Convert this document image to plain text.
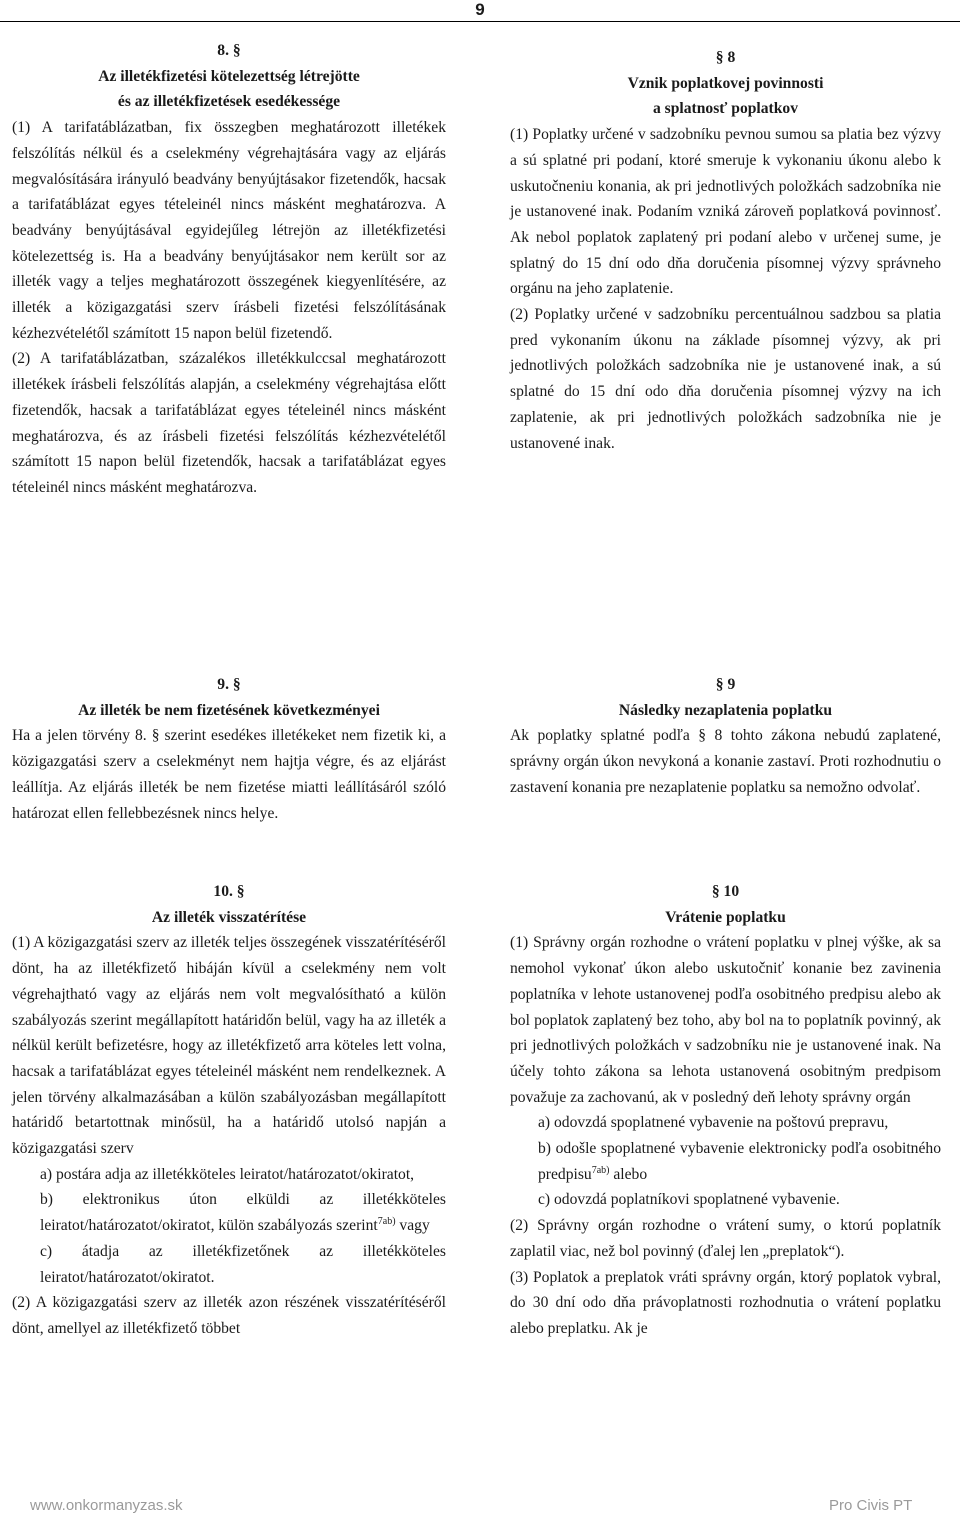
9
8. §
Az illetékfizetési kötelezettség létrejötte
és az illetékfizetések esedékessége

(1) A tarifatáblázatban, fix összegben meghatározott illetékek felszólítás nélkül és a cselekmény végrehajtására vagy az eljárás megvalósítására irányuló beadvány benyújtásakor fizetendők, hacsak a tarifatáblázat egyes tételeinél nincs másként meghatározva. A beadvány benyújtásával egyidejűleg létrejön az illetékfizetési kötelezettség is. Ha a beadvány benyújtásakor nem került sor az illeték vagy a teljes meghatározott összegének kiegyenlítésére, az illeték a közigazgatási szerv írásbeli fizetési felszólításának kézhezvételétől számított 15 napon belül fizetendő.

(2) A tarifatáblázatban, százalékos illetékkulccsal meghatározott illetékek írásbeli felszólítás alapján, a cselekmény végrehajtása előtt fizetendők, hacsak a tarifatáblázat egyes tételeinél nincs másként meghatározva, és az írásbeli fizetési felszólítás kézhezvételétől számított 15 napon belül fizetendők, hacsak a tarifatáblázat egyes tételeinél nincs másként meghatározva.

9. §
Az illeték be nem fizetésének következményei

Ha a jelen törvény 8. § szerint esedékes illetékeket nem fizetik ki, a közigazgatási szerv a cselekményt nem hajtja végre, és az eljárást leállítja. Az eljárás illeték be nem fizetése miatti leállításáról szóló határozat ellen fellebbezésnek nincs helye.

10. §
Az illeték visszatérítése

(1) A közigazgatási szerv az illeték teljes összegének visszatérítéséről dönt, ha az illetékfizető hibáján kívül a cselekmény nem volt végrehajtható vagy az eljárás nem volt megvalósítható a külön szabályozás szerint megállapított határidőn belül, vagy ha az illeték a nélkül került befizetésre, hogy az illetékfizető arra köteles lett volna, hacsak a tarifatáblázat egyes tételeinél másként nem rendelkeznek. A jelen törvény alkalmazásában a külön szabályozásban megállapított határidő betartottnak minősül, ha a határidő utolsó napján a közigazgatási szerv

a) postára adja az illetékköteles leiratot/határozatot/okiratot,

b) elektronikus úton elküldi az illetékköteles leiratot/határozatot/okiratot, külön szabályozás szerint$^{7ab)}$ vagy

c) átadja az illetékfizetőnek az illetékköteles leiratot/határozatot/okiratot.

(2) A közigazgatási szerv az illeték azon részének visszatérítéséről dönt, amellyel az illetékfizető többet

§ 8
Vznik poplatkovej povinnosti
a splatnosť poplatkov

(1) Poplatky určené v sadzobníku pevnou sumou sa platia bez výzvy a sú splatné pri podaní, ktoré smeruje k vykonaniu úkonu alebo k uskutočneniu konania, ak pri jednotlivých položkách sadzobníka nie je ustanovené inak. Podaním vzniká zároveň poplatková povinnosť. Ak nebol poplatok zaplatený pri podaní alebo v určenej sume, je splatný do 15 dní odo dňa doručenia písomnej výzvy správneho orgánu na jeho zaplatenie.

(2) Poplatky určené v sadzobníku percentuálnou sadzbou sa platia pred vykonaním úkonu na základe písomnej výzvy, ak pri jednotlivých položkách sadzobníka nie je ustanovené inak, a sú splatné do 15 dní odo dňa doručenia písomnej výzvy na ich zaplatenie, ak pri jednotlivých položkách sadzobníka nie je ustanovené inak.

§ 9
Následky nezaplatenia poplatku

Ak poplatky splatné podľa § 8 tohto zákona nebudú zaplatené, správny orgán úkon nevykoná a konanie zastaví. Proti rozhodnutiu o zastavení konania pre nezaplatenie poplatku sa nemožno odvolať.

§ 10
Vrátenie poplatku

(1) Správny orgán rozhodne o vrátení poplatku v plnej výške, ak sa nemohol vykonať úkon alebo uskutočniť konanie bez zavinenia poplatníka v lehote ustanovenej podľa osobitného predpisu alebo ak bol poplatok zaplatený bez toho, aby bol na to poplatník povinný, ak pri jednotlivých položkách v sadzobníku nie je ustanovené inak. Na účely tohto zákona sa lehota ustanovená osobitným predpisom považuje za zachovanú, ak v posledný deň lehoty správny orgán

a) odovzdá spoplatnené vybavenie na poštovú prepravu,

b) odošle spoplatnené vybavenie elektronicky podľa osobitného predpisu$^{7ab)}$ alebo

c) odovzdá poplatníkovi spoplatnené vybavenie.

(2) Správny orgán rozhodne o vrátení sumy, o ktorú poplatník zaplatil viac, než bol povinný (ďalej len „preplatok“).

(3) Poplatok a preplatok vráti správny orgán, ktorý poplatok vybral, do 30 dní odo dňa právoplatnosti rozhodnutia o vrátení poplatku alebo preplatku. Ak je

www.onkormanyzas.sk	Pro Civis PT
